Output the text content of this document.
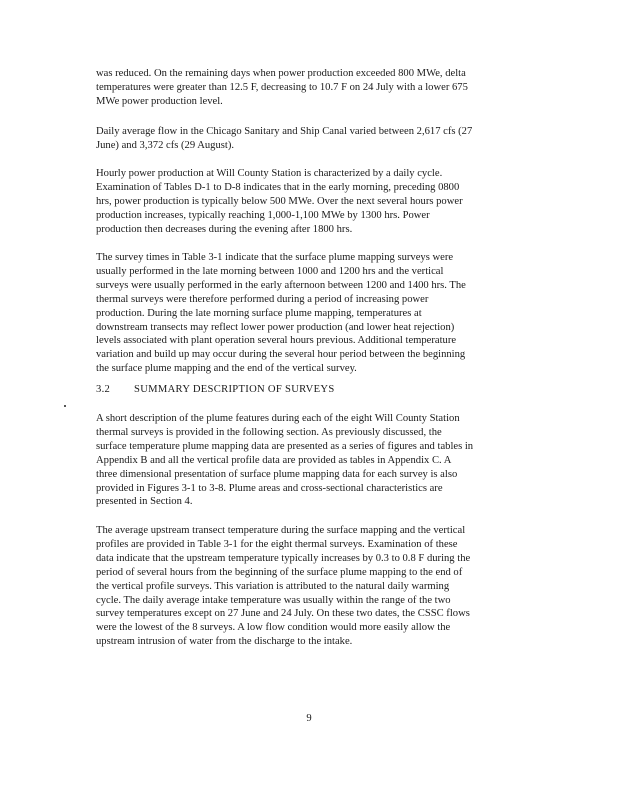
was reduced. On the remaining days when power production exceeded 800 MWe, delta
temperatures were greater than 12.5 F, decreasing to 10.7 F on 24 July with a lower 675
MWe power production level.

Daily average flow in the Chicago Sanitary and Ship Canal varied between 2,617 cfs (27
June) and 3,372 cfs (29 August).

Hourly power production at Will County Station is characterized by a daily cycle.
Examination of Tables D-1 to D-8 indicates that in the early morning, preceding 0800
hrs, power production is typically below 500 MWe. Over the next several hours power
production increases, typically reaching 1,000-1,100 MWe by 1300 hrs. Power
production then decreases during the evening after 1800 hrs.

The survey times in Table 3-1 indicate that the surface plume mapping surveys were
usually performed in the late morning between 1000 and 1200 hrs and the vertical
surveys were usually performed in the early afternoon between 1200 and 1400 hrs. The
thermal surveys were therefore performed during a period of increasing power
production. During the late morning surface plume mapping, temperatures at
downstream transects may reflect lower power production (and lower heat rejection)
levels associated with plant operation several hours previous. Additional temperature
variation and build up may occur during the several hour period between the beginning
the surface plume mapping and the end of the vertical survey.

3.2 SUMMARY DESCRIPTION OF SURVEYS

A short description of the plume features during each of the eight Will County Station
thermal surveys is provided in the following section. As previously discussed, the
surface temperature plume mapping data are presented as a series of figures and tables in
Appendix B and all the vertical profile data are provided as tables in Appendix C. A
three dimensional presentation of surface plume mapping data for each survey is also
provided in Figures 3-1 to 3-8. Plume areas and cross-sectional characteristics are
presented in Section 4.

The average upstream transect temperature during the surface mapping and the vertical
profiles are provided in Table 3-1 for the eight thermal surveys. Examination of these
data indicate that the upstream temperature typically increases by 0.3 to 0.8 F during the
period of several hours from the beginning of the surface plume mapping to the end of
the vertical profile surveys. This variation is attributed to the natural daily warming
cycle. The daily average intake temperature was usually within the range of the two
survey temperatures except on 27 June and 24 July. On these two dates, the CSSC flows
were the lowest of the 8 surveys. A low flow condition would more easily allow the
upstream intrusion of water from the discharge to the intake.

9
